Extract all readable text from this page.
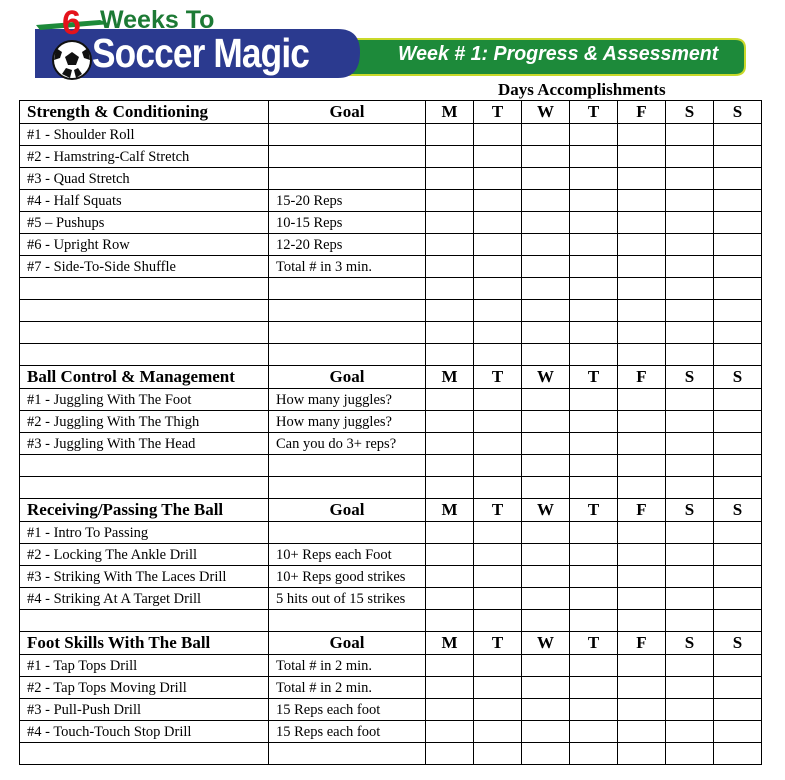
6 Weeks To
Soccer Magic	Week # 1: Progress & Assessment
Days Accomplishments
Strength & Conditioning	Goal	M	T	W	T	F	S	S
#1 - Shoulder Roll								
#2 - Hamstring-Calf Stretch								
#3 - Quad Stretch								
#4 - Half Squats	15-20 Reps							
#5 – Pushups	10-15 Reps							
#6 - Upright Row	12-20 Reps							
#7 - Side-To-Side Shuffle	Total # in 3 min.							

Ball Control & Management	Goal	M	T	W	T	F	S	S
#1 - Juggling With The Foot	How many juggles?							
#2 - Juggling With The Thigh	How many juggles?							
#3 - Juggling With The Head	Can you do 3+ reps?							

Receiving/Passing The Ball	Goal	M	T	W	T	F	S	S
#1 - Intro To Passing								
#2 - Locking The Ankle Drill	10+ Reps each Foot							
#3 - Striking With The Laces Drill	10+ Reps good strikes							
#4 - Striking At A Target Drill	5 hits out of 15 strikes							

Foot Skills With The Ball	Goal	M	T	W	T	F	S	S
#1 - Tap Tops Drill	Total # in 2 min.							
#2 - Tap Tops Moving Drill	Total # in 2 min.							
#3 - Pull-Push Drill	15 Reps each foot							
#4 - Touch-Touch Stop Drill	15 Reps each foot							
